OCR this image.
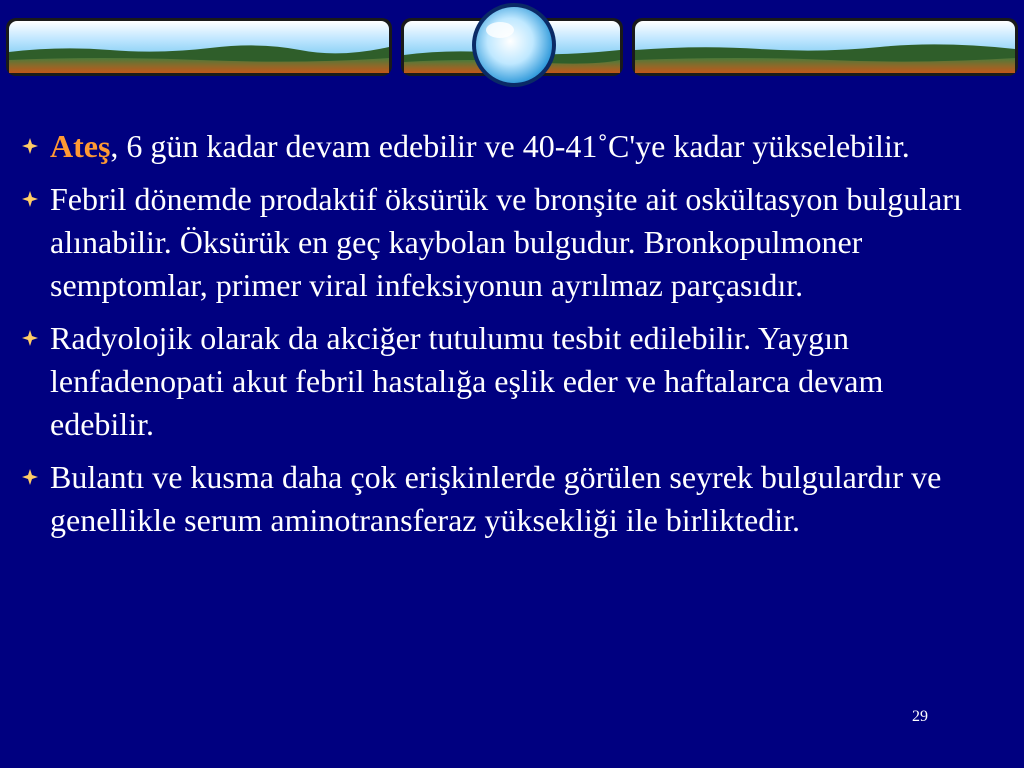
Ateş, 6 gün kadar devam edebilir ve 40-41˚C'ye kadar yükselebilir.
Febril dönemde prodaktif öksürük ve bronşite ait oskültasyon bulguları alınabilir. Öksürük en geç kaybolan bulgudur. Bronkopulmoner semptomlar, primer viral infeksiyonun ayrılmaz parçasıdır.
Radyolojik olarak da akciğer tutulumu tesbit edilebilir. Yaygın lenfadenopati akut febril hastalığa eşlik eder ve haftalarca devam edebilir.
Bulantı ve kusma daha çok erişkinlerde görülen seyrek bulgulardır ve genellikle serum aminotransferaz yüksekliği ile birliktedir.
29
